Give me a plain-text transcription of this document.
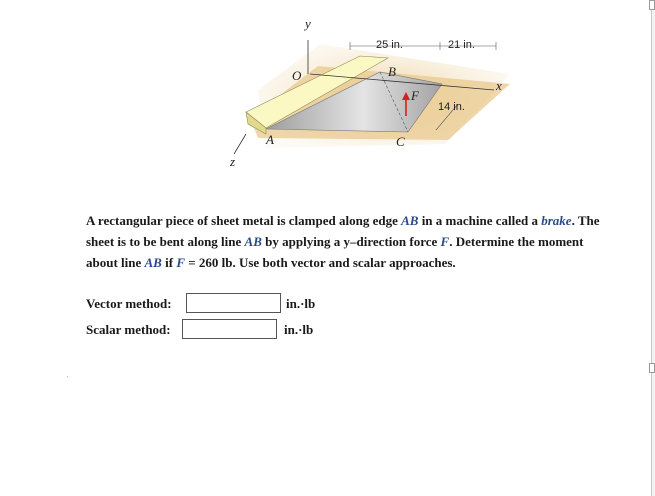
y
x
z
O
A
B
C
F
25 in.	21 in.
14 in.

A rectangular piece of sheet metal is clamped along edge AB in a machine called a brake. The sheet is to be bent along line AB by applying a y–direction force F. Determine the moment about line AB if F = 260 lb. Use both vector and scalar approaches.

Vector method:	in.·lb
Scalar method:	in.·lb
